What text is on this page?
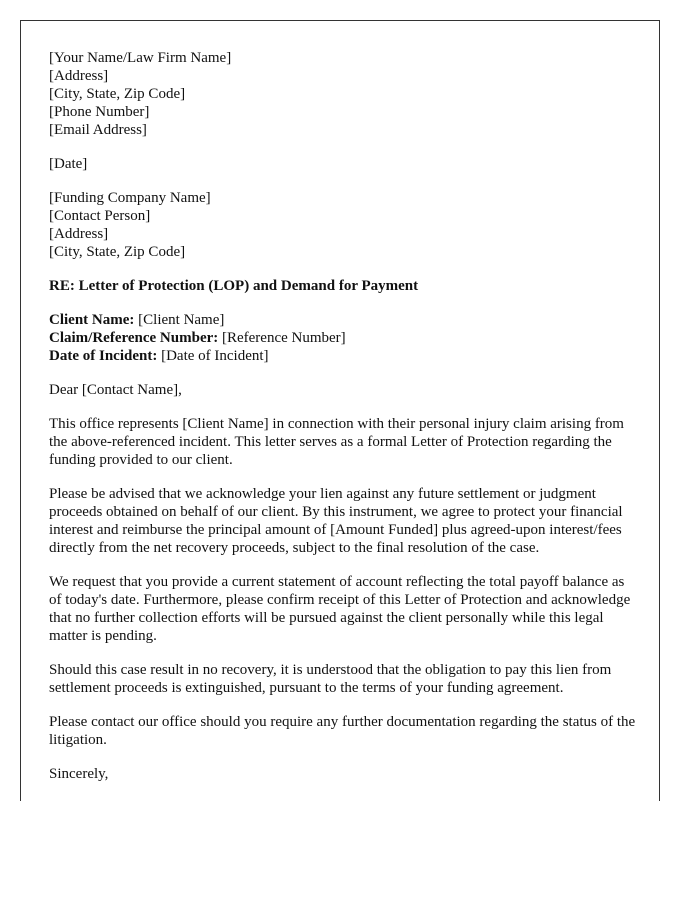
[Your Name/Law Firm Name]
[Address]
[City, State, Zip Code]
[Phone Number]
[Email Address]

[Date]

[Funding Company Name]
[Contact Person]
[Address]
[City, State, Zip Code]

RE: Letter of Protection (LOP) and Demand for Payment

Client Name: [Client Name]
Claim/Reference Number: [Reference Number]
Date of Incident: [Date of Incident]

Dear [Contact Name],

This office represents [Client Name] in connection with their personal injury claim arising from the above-referenced incident. This letter serves as a formal Letter of Protection regarding the funding provided to our client.

Please be advised that we acknowledge your lien against any future settlement or judgment proceeds obtained on behalf of our client. By this instrument, we agree to protect your financial interest and reimburse the principal amount of [Amount Funded] plus agreed-upon interest/fees directly from the net recovery proceeds, subject to the final resolution of the case.

We request that you provide a current statement of account reflecting the total payoff balance as of today's date. Furthermore, please confirm receipt of this Letter of Protection and acknowledge that no further collection efforts will be pursued against the client personally while this legal matter is pending.

Should this case result in no recovery, it is understood that the obligation to pay this lien from settlement proceeds is extinguished, pursuant to the terms of your funding agreement.

Please contact our office should you require any further documentation regarding the status of the litigation.

Sincerely,
